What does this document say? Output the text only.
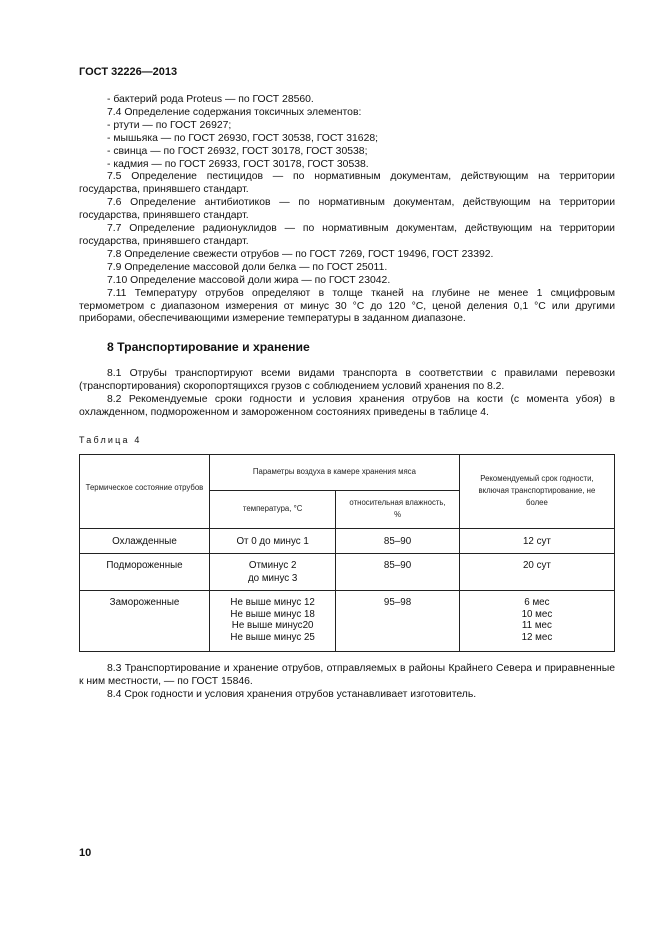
ГОСТ 32226—2013

- бактерий рода Proteus — по ГОСТ 28560.

7.4 Определение содержания токсичных элементов:

- ртути — по ГОСТ 26927;

- мышьяка — по ГОСТ 26930, ГОСТ 30538, ГОСТ 31628;

- свинца — по ГОСТ 26932, ГОСТ 30178, ГОСТ 30538;

- кадмия — по ГОСТ 26933, ГОСТ 30178, ГОСТ 30538.

7.5 Определение пестицидов — по нормативным документам, действующим на территории государства, принявшего стандарт.

7.6 Определение антибиотиков — по нормативным документам, действующим на территории государства, принявшего стандарт.

7.7 Определение радионуклидов — по нормативным документам, действующим на территории государства, принявшего стандарт.

7.8 Определение свежести отрубов — по ГОСТ 7269, ГОСТ 19496, ГОСТ 23392.

7.9 Определение массовой доли белка — по ГОСТ 25011.

7.10 Определение массовой доли жира — по ГОСТ 23042.

7.11 Температуру отрубов определяют в толще тканей на глубине не менее 1 смцифровым термометром с диапазоном измерения от минус 30 °С до 120 °С, ценой деления 0,1 °С или другими приборами, обеспечивающими измерение температуры в заданном диапазоне.

8 Транспортирование и хранение

8.1 Отрубы транспортируют всеми видами транспорта в соответствии с правилами перевозки (транспортирования) скоропортящихся грузов с соблюдением условий хранения по 8.2.

8.2 Рекомендуемые сроки годности и условия хранения отрубов на кости (с момента убоя) в охлажденном, подмороженном и замороженном состояниях приведены в таблице 4.

Таблица 4
Термическое состояние отрубов	Параметры воздуха в камере хранения мяса		Рекомендуемый срок годности, включая транспортирование, не более
	температура, °С	относительная влажность, %	
Охлажденные	От 0 до минус 1	85–90	12 сут

Подмороженные	Отминус 2
до минус 3	85–90	20 сут

Замороженные	Не выше минус 12
Не выше минус 18
Не выше минус20
Не выше минус 25	95–98	6 мес
10 мес
11 мес
12 мес

8.3 Транспортирование и хранение отрубов, отправляемых в районы Крайнего Севера и приравненные к ним местности, — по ГОСТ 15846.

8.4 Срок годности и условия хранения отрубов устанавливает изготовитель.

10
